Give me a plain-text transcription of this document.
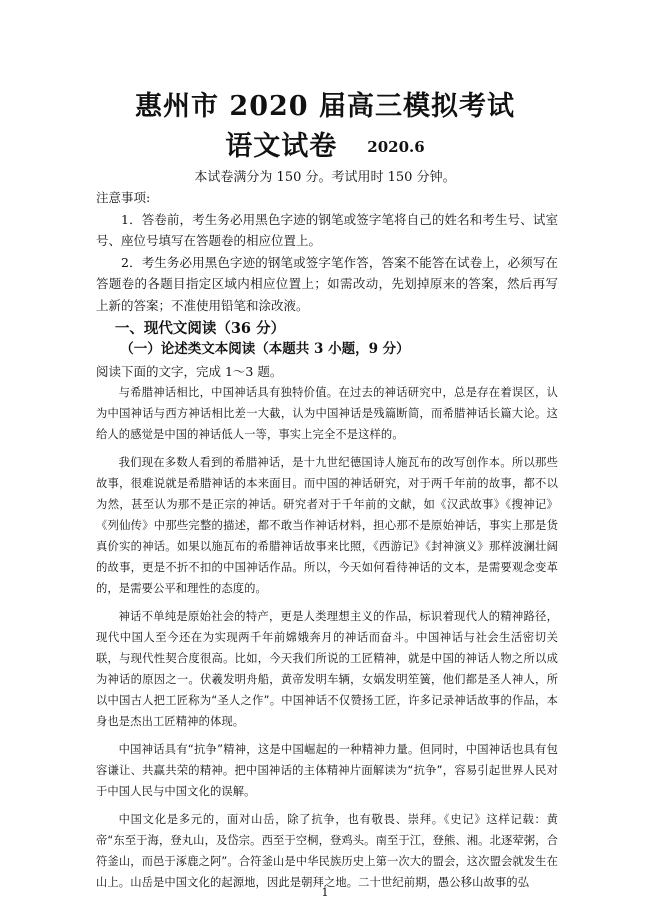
惠州市 2020 届高三模拟考试
语文试卷 2020.6
本试卷满分为 150 分。考试用时 150 分钟。

注意事项:

1．答卷前，考生务必用黑色字迹的钢笔或签字笔将自己的姓名和考生号、试室号、座位号填写在答题卷的相应位置上。

2．考生务必用黑色字迹的钢笔或签字笔作答，答案不能答在试卷上，必须写在答题卷的各题目指定区域内相应位置上；如需改动，先划掉原来的答案，然后再写上新的答案；不准使用铅笔和涂改液。

一、现代文阅读（36 分）

（一）论述类文本阅读（本题共 3 小题，9 分）

阅读下面的文字，完成 1～3 题。

与希腊神话相比，中国神话具有独特价值。在过去的神话研究中，总是存在着误区，认为中国神话与西方神话相比差一大截，认为中国神话是残篇断简，而希腊神话长篇大论。这给人的感觉是中国的神话低人一等，事实上完全不是这样的。

我们现在多数人看到的希腊神话，是十九世纪德国诗人施瓦布的改写创作本。所以那些故事，很难说就是希腊神话的本来面目。而中国的神话研究，对于两千年前的故事，都不以为然，甚至认为那不是正宗的神话。研究者对于千年前的文献，如《汉武故事》《搜神记》《列仙传》中那些完整的描述，都不敢当作神话材料，担心那不是原始神话，事实上那是货真价实的神话。如果以施瓦布的希腊神话故事来比照，《西游记》《封神演义》那样波澜壮阔的故事，更是不折不扣的中国神话作品。所以，今天如何看待神话的文本，是需要观念变革的，是需要公平和理性的态度的。

神话不单纯是原始社会的特产，更是人类理想主义的作品，标识着现代人的精神路径，现代中国人至今还在为实现两千年前嫦娥奔月的神话而奋斗。中国神话与社会生活密切关联，与现代性契合度很高。比如，今天我们所说的工匠精神，就是中国的神话人物之所以成为神话的原因之一。伏羲发明舟船，黄帝发明车辆，女娲发明笙簧，他们都是圣人神人，所以中国古人把工匠称为“圣人之作”。中国神话不仅赞扬工匠，许多记录神话故事的作品，本身也是杰出工匠精神的体现。

中国神话具有“抗争”精神，这是中国崛起的一种精神力量。但同时，中国神话也具有包容谦让、共赢共荣的精神。把中国神话的主体精神片面解读为“抗争”，容易引起世界人民对于中国人民与中国文化的误解。

中国文化是多元的，面对山岳，除了抗争，也有敬畏、崇拜。《史记》这样记载：黄帝“东至于海，登丸山，及岱宗。西至于空桐，登鸡头。南至于江，登熊、湘。北逐荤粥，合符釜山，而邑于涿鹿之阿”。合符釜山是中华民族历史上第一次大的盟会，这次盟会就发生在山上。山岳是中国文化的起源地，因此是朝拜之地。二十世纪前期，愚公移山故事的弘

1
